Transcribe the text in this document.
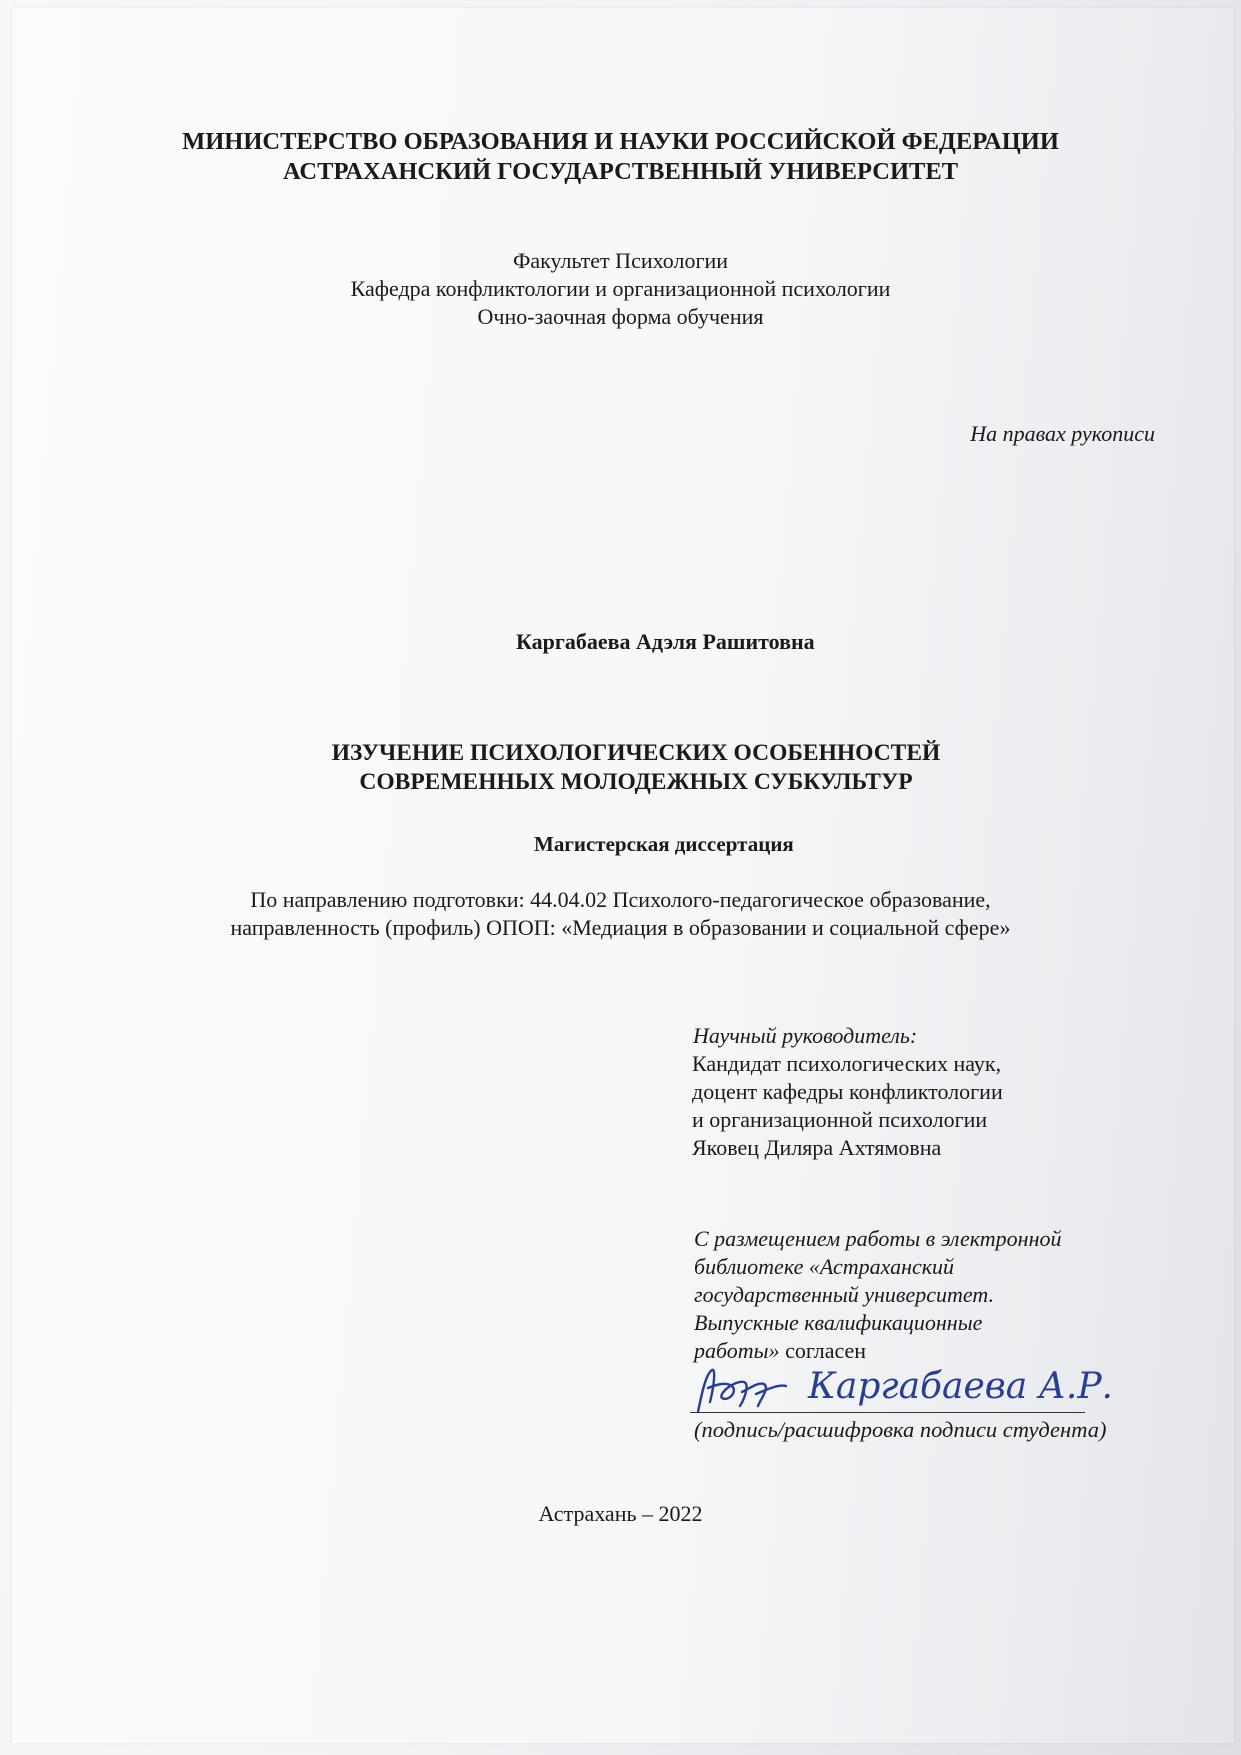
МИНИСТЕРСТВО ОБРАЗОВАНИЯ И НАУКИ РОССИЙСКОЙ ФЕДЕРАЦИИ
АСТРАХАНСКИЙ ГОСУДАРСТВЕННЫЙ УНИВЕРСИТЕТ
Факультет Психологии
Кафедра конфликтологии и организационной психологии
Очно-заочная форма обучения
На правах рукописи
Каргабаева Адэля Рашитовна
ИЗУЧЕНИЕ ПСИХОЛОГИЧЕСКИХ ОСОБЕННОСТЕЙ
СОВРЕМЕННЫХ МОЛОДЕЖНЫХ СУБКУЛЬТУР
Магистерская диссертация
По направлению подготовки: 44.04.02 Психолого-педагогическое образование,
направленность (профиль) ОПОП: «Медиация в образовании и социальной сфере»
Научный руководитель:
Кандидат психологических наук,
доцент кафедры конфликтологии
и организационной психологии
Яковец Диляра Ахтямовна
С размещением работы в электронной
библиотеке «Астраханский
государственный университет.
Выпускные квалификационные
работы» согласен
Каргабаева А.Р.
(подпись/расшифровка подписи студента)
Астрахань – 2022
